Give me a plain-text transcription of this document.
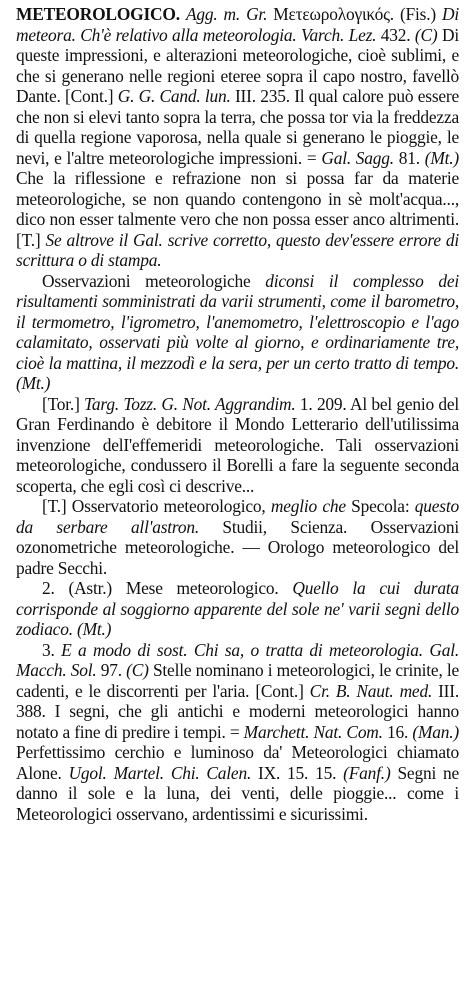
METEOROLOGICO. Agg. m. Gr. Μετεωρολογικός. (Fis.) Di meteora. Ch'è relativo alla meteorologia. Varch. Lez. 432. (C) Di queste impressioni, e alterazioni meteorologiche, cioè sublimi, e che si generano nelle regioni eteree sopra il capo nostro, favellò Dante. [Cont.] G. G. Cand. lun. III. 235. Il qual calore può essere che non si elevi tanto sopra la terra, che possa tor via la freddezza di quella regione vaporosa, nella quale si generano le pioggie, le nevi, e l'altre meteorologiche impressioni. = Gal. Sagg. 81. (Mt.) Che la riflessione e refrazione non si possa far da materie meteorologiche, se non quando contengono in sè molt'acqua..., dico non esser talmente vero che non possa esser anco altrimenti. [T.] Se altrove il Gal. scrive corretto, questo dev'essere errore di scrittura o di stampa.

Osservazioni meteorologiche diconsi il complesso dei risultamenti somministrati da varii strumenti, come il barometro, il termometro, l'igrometro, l'anemometro, l'elettroscopio e l'ago calamitato, osservati più volte al giorno, e ordinariamente tre, cioè la mattina, il mezzodì e la sera, per un certo tratto di tempo. (Mt.)

[Tor.] Targ. Tozz. G. Not. Aggrandim. 1. 209. Al bel genio del Gran Ferdinando è debitore il Mondo Letterario dell'utilissima invenzione delI'effemeridi meteorologiche. Tali osservazioni meteorologiche, condussero il Borelli a fare la seguente seconda scoperta, che egli così ci descrive...

[T.] Osservatorio meteorologico, meglio che Specola: questo da serbare all'astron. Studii, Scienza. Osservazioni ozonometriche meteorologiche. — Orologo meteorologico del padre Secchi.

2. (Astr.) Mese meteorologico. Quello la cui durata corrisponde al soggiorno apparente del sole ne' varii segni dello zodiaco. (Mt.)

3. E a modo di sost. Chi sa, o tratta di meteorologia. Gal. Macch. Sol. 97. (C) Stelle nominano i meteorologici, le crinite, le cadenti, e le discorrenti per l'aria. [Cont.] Cr. B. Naut. med. III. 388. I segni, che gli antichi e moderni meteorologici hanno notato a fine di predire i tempi. = Marchett. Nat. Com. 16. (Man.) Perfettissimo cerchio e luminoso da' Meteorologici chiamato Alone. Ugol. Martel. Chi. Calen. IX. 15. 15. (Fanf.) Segni ne danno il sole e la luna, dei venti, delle pioggie... come i Meteorologici osservano, ardentissimi e sicurissimi.
